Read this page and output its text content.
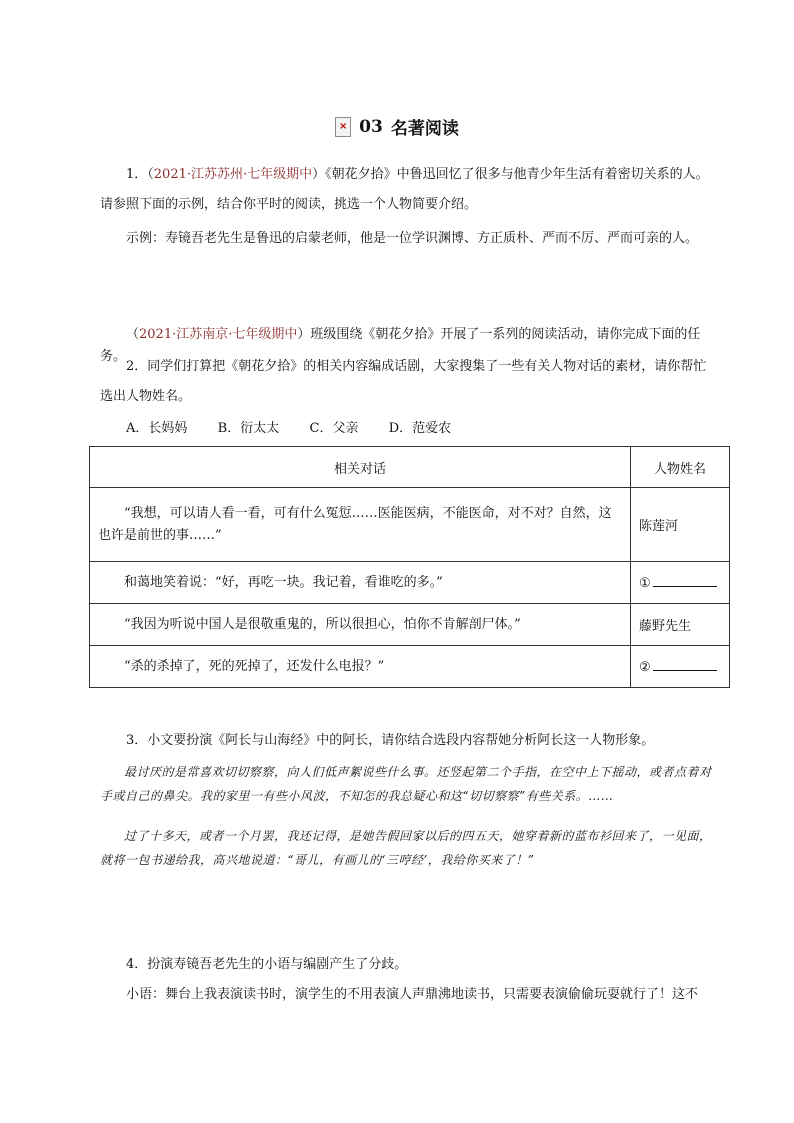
× 03 名著阅读
1．（2021·江苏苏州·七年级期中）《朝花夕拾》中鲁迅回忆了很多与他青少年生活有着密切关系的人。
请参照下面的示例，结合你平时的阅读，挑选一个人物简要介绍。
示例：寿镜吾老先生是鲁迅的启蒙老师，他是一位学识渊博、方正质朴、严而不厉、严而可亲的人。
（2021·江苏南京·七年级期中）班级围绕《朝花夕拾》开展了一系列的阅读活动，请你完成下面的任务。
2．同学们打算把《朝花夕拾》的相关内容编成话剧，大家搜集了一些有关人物对话的素材，请你帮忙
选出人物姓名。
A．长妈妈 B．衍太太 C．父亲 D．范爱农
相关对话	人物姓名
“我想，可以请人看一看，可有什么冤愆……医能医病，不能医命，对不对？自然，这也许是前世的事……”	陈莲河
和蔼地笑着说：“好，再吃一块。我记着，看谁吃的多。”	①
“我因为听说中国人是很敬重鬼的，所以很担心，怕你不肯解剖尸体。”	藤野先生
“杀的杀掉了，死的死掉了，还发什么电报？”	②
3．小文要扮演《阿长与山海经》中的阿长，请你结合选段内容帮她分析阿长这一人物形象。
最讨厌的是常喜欢切切察察，向人们低声絮说些什么事。还竖起第二个手指，在空中上下摇动，或者点着对手或自己的鼻尖。我的家里一有些小风波，不知怎的我总疑心和这“切切察察”有些关系。……
过了十多天，或者一个月罢，我还记得，是她告假回家以后的四五天，她穿着新的蓝布衫回来了，一见面，就将一包书递给我，高兴地说道：“哥儿，有画儿的‘三哼经’，我给你买来了！”
4．扮演寿镜吾老先生的小语与编剧产生了分歧。
小语：舞台上我表演读书时，演学生的不用表演人声鼎沸地读书，只需要表演偷偷玩耍就行了！这不
